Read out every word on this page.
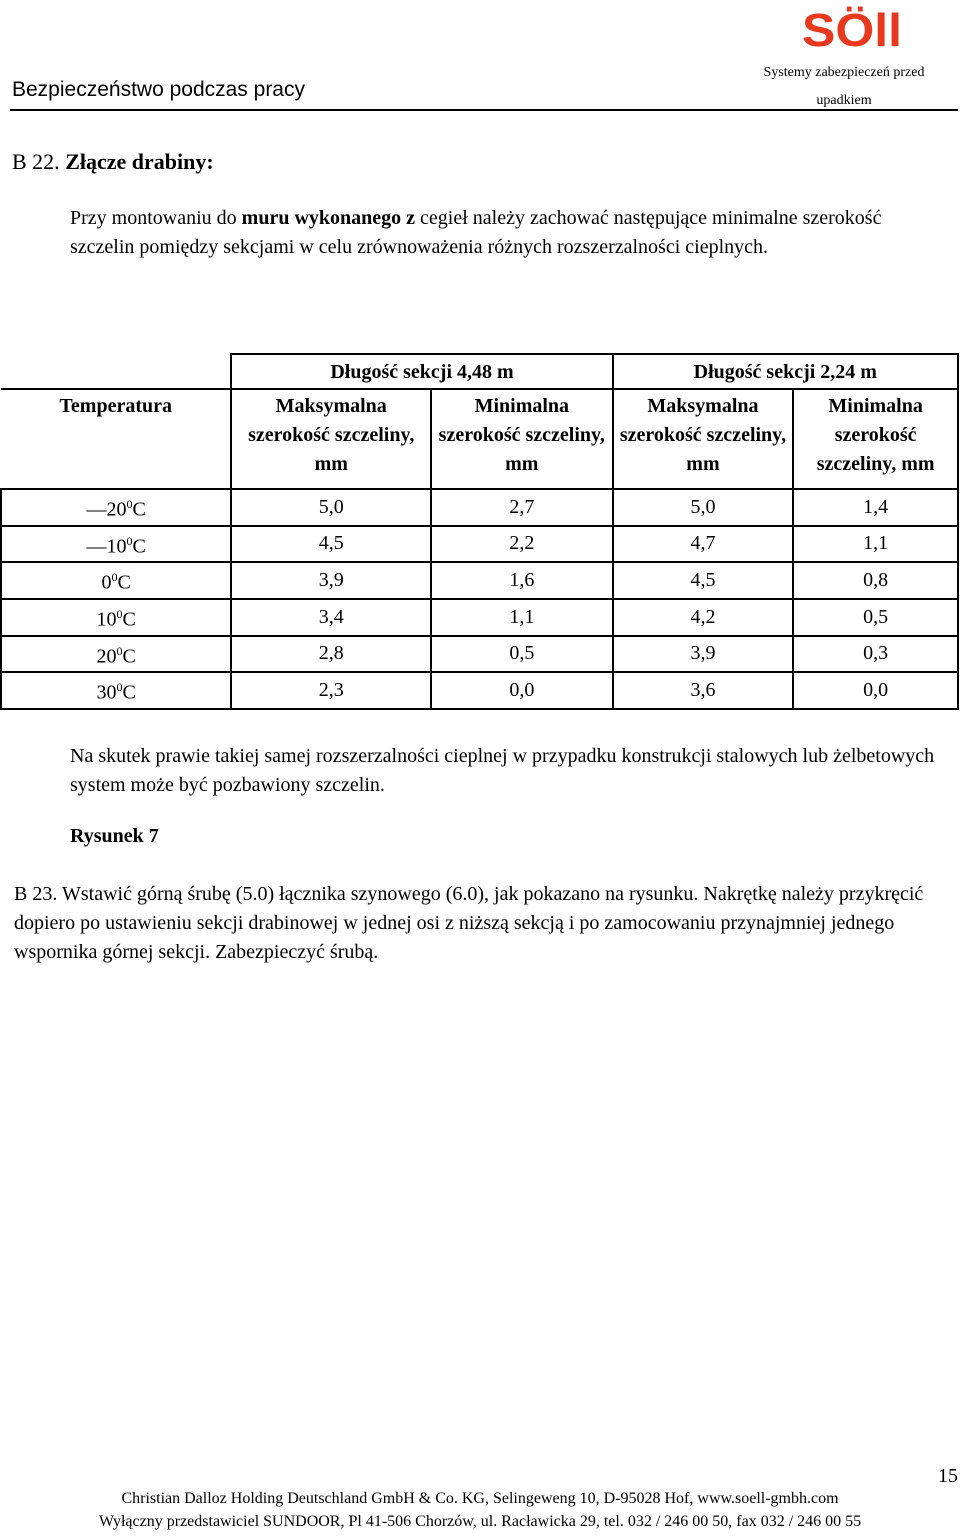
SÖll
Bezpieczeństwo podczas pracy
Systemy zabezpieczeń przed
upadkiem
B 22. Złącze drabiny:
Przy montowaniu do muru wykonanego z cegieł należy zachować następujące minimalne szerokość szczelin pomiędzy sekcjami w celu zrównoważenia różnych rozszerzalności cieplnych.
	Długość sekcji 4,48 m		Długość sekcji 2,24 m	
Temperatura	Maksymalna szerokość szczeliny, mm	Minimalna szerokość szczeliny, mm	Maksymalna szerokość szczeliny, mm	Minimalna szerokość szczeliny, mm
$—20^0C$	5,0	2,7	5,0	1,4
$—10^0C$	4,5	2,2	4,7	1,1
$0^0C$	3,9	1,6	4,5	0,8
$10^0C$	3,4	1,1	4,2	0,5
$20^0C$	2,8	0,5	3,9	0,3
$30^0C$	2,3	0,0	3,6	0,0
Na skutek prawie takiej samej rozszerzalności cieplnej w przypadku konstrukcji stalowych lub żelbetowych system może być pozbawiony szczelin.
Rysunek 7
B 23. Wstawić górną śrubę (5.0) łącznika szynowego (6.0), jak pokazano na rysunku. Nakrętkę należy przykręcić dopiero po ustawieniu sekcji drabinowej w jednej osi z niższą sekcją i po zamocowaniu przynajmniej jednego wspornika górnej sekcji. Zabezpieczyć śrubą.
15
Christian Dalloz Holding Deutschland GmbH & Co. KG, Selingeweng 10, D-95028 Hof, www.soell-gmbh.com
Wyłączny przedstawiciel SUNDOOR, Pl 41-506 Chorzów, ul. Racławicka 29, tel. 032 / 246 00 50, fax 032 / 246 00 55
